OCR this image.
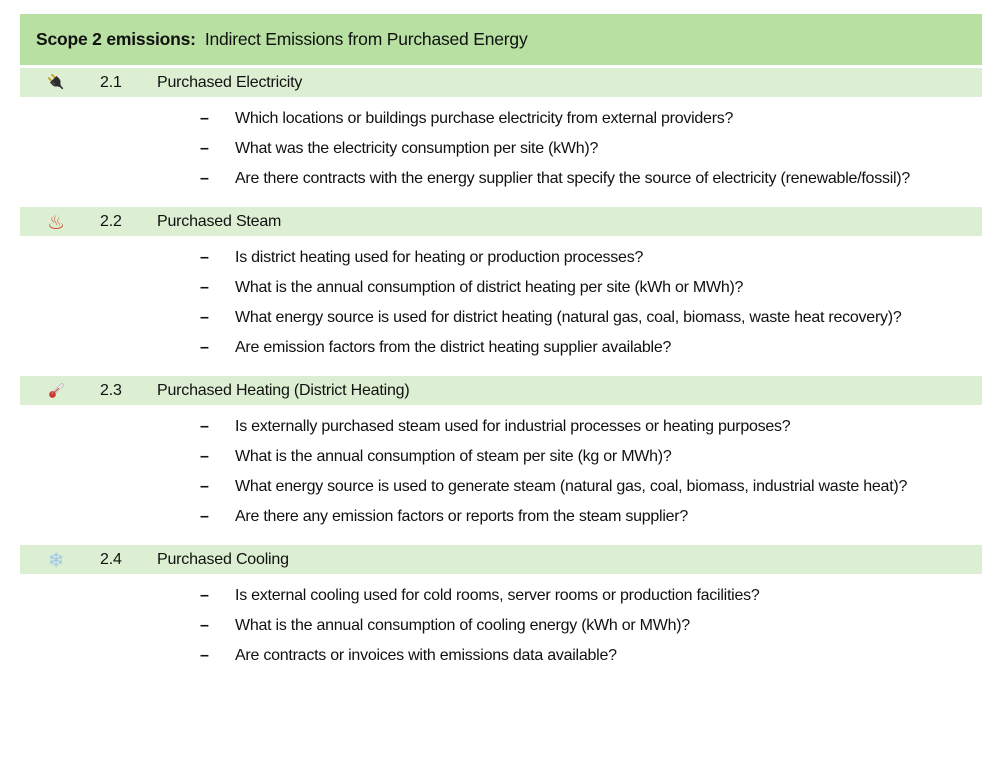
Scope 2 emissions : Indirect Emissions from Purchased Energy
2.1	Purchased Electricity
–	Which locations or buildings purchase electricity from external providers?
–	What was the electricity consumption per site (kWh)?
–	Are there contracts with the energy supplier that specify the source of electricity (renewable/fossil)?
♨ 2.2	Purchased Steam
–	Is district heating used for heating or production processes?
–	What is the annual consumption of district heating per site (kWh or MWh)?
–	What energy source is used for district heating (natural gas, coal, biomass, waste heat recovery)?
–	Are emission factors from the district heating supplier available?
2.3	Purchased Heating (District Heating)
–	Is externally purchased steam used for industrial processes or heating purposes?
–	What is the annual consumption of steam per site (kg or MWh)?
–	What energy source is used to generate steam (natural gas, coal, biomass, industrial waste heat)?
–	Are there any emission factors or reports from the steam supplier?
❄ 2.4	Purchased Cooling
–	Is external cooling used for cold rooms, server rooms or production facilities?
–	What is the annual consumption of cooling energy (kWh or MWh)?
–	Are contracts or invoices with emissions data available?
